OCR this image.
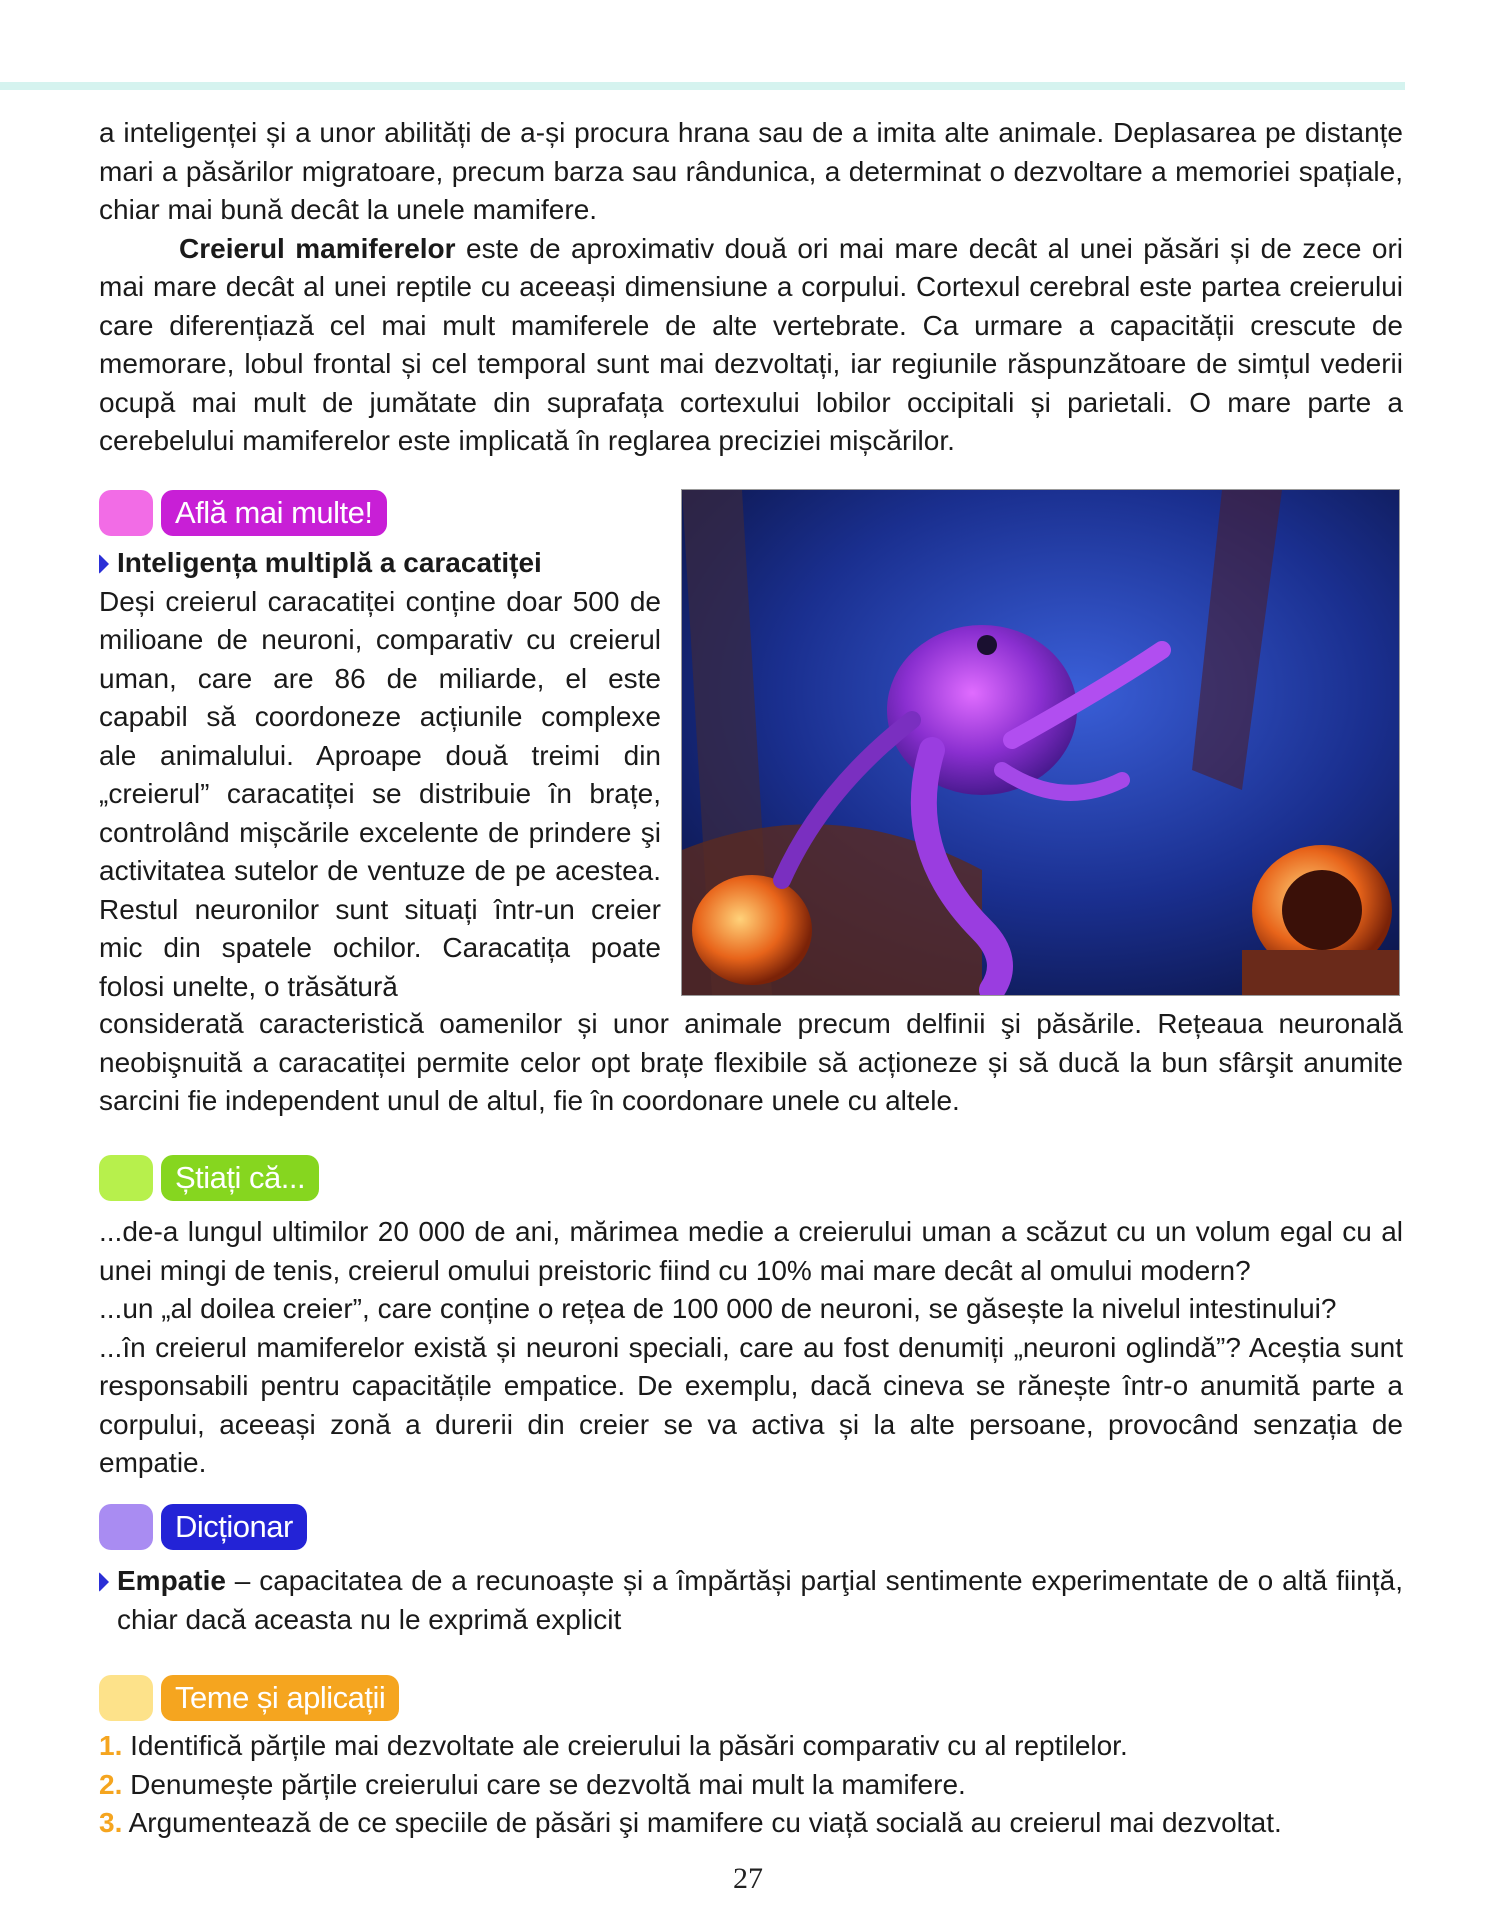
a inteligenței și a unor abilități de a-și procura hrana sau de a imita alte animale. Deplasarea pe distanțe mari a păsărilor migratoare, precum barza sau rândunica, a determinat o dezvoltare a memoriei spațiale, chiar mai bună decât la unele mamifere.

Creierul mamiferelor este de aproximativ două ori mai mare decât al unei păsări și de zece ori mai mare decât al unei reptile cu aceeași dimensiune a corpului. Cortexul cerebral este partea creierului care diferențiază cel mai mult mamiferele de alte vertebrate. Ca urmare a capacității crescute de memorare, lobul frontal și cel temporal sunt mai dezvoltați, iar regiunile răspunzătoare de simțul vederii ocupă mai mult de jumătate din suprafața cortexului lobilor occipitali și parietali. O mare parte a cerebelului mamiferelor este implicată în reglarea preciziei mișcărilor.

Află mai multe!

Inteligența multiplă a caracatiței

Deși creierul caracatiței conține doar 500 de milioane de neuroni, comparativ cu creierul uman, care are 86 de miliarde, el este capabil să coordoneze acțiunile complexe ale animalului. Aproape două treimi din „creierul” caracatiței se distribuie în brațe, controlând mișcările excelente de prindere şi activitatea sutelor de ventuze de pe acestea. Restul neuronilor sunt situați într-un creier mic din spatele ochilor. Caracatița poate folosi unelte, o trăsătură

considerată caracteristică oamenilor și unor animale precum delfinii şi păsările. Rețeaua neuronală neobişnuită a caracatiței permite celor opt brațe flexibile să acționeze și să ducă la bun sfârşit anumite sarcini fie independent unul de altul, fie în coordonare unele cu altele.

Știați că...

...de-a lungul ultimilor 20 000 de ani, mărimea medie a creierului uman a scăzut cu un volum egal cu al unei mingi de tenis, creierul omului preistoric fiind cu 10% mai mare decât al omului modern?

...un „al doilea creier”, care conține o rețea de 100 000 de neuroni, se găsește la nivelul intestinului?

...în creierul mamiferelor există și neuroni speciali, care au fost denumiți „neuroni oglindă”? Aceștia sunt responsabili pentru capacitățile empatice. De exemplu, dacă cineva se rănește într-o anumită parte a corpului, aceeași zonă a durerii din creier se va activa și la alte persoane, provocând senzația de empatie.

Dicționar

Empatie – capacitatea de a recunoaște și a împărtăși parţial sentimente experimentate de o altă ființă, chiar dacă aceasta nu le exprimă explicit

Teme și aplicații

1. Identifică părțile mai dezvoltate ale creierului la păsări comparativ cu al reptilelor.

2. Denumește părțile creierului care se dezvoltă mai mult la mamifere.

3. Argumentează de ce speciile de păsări şi mamifere cu viață socială au creierul mai dezvoltat.

27
